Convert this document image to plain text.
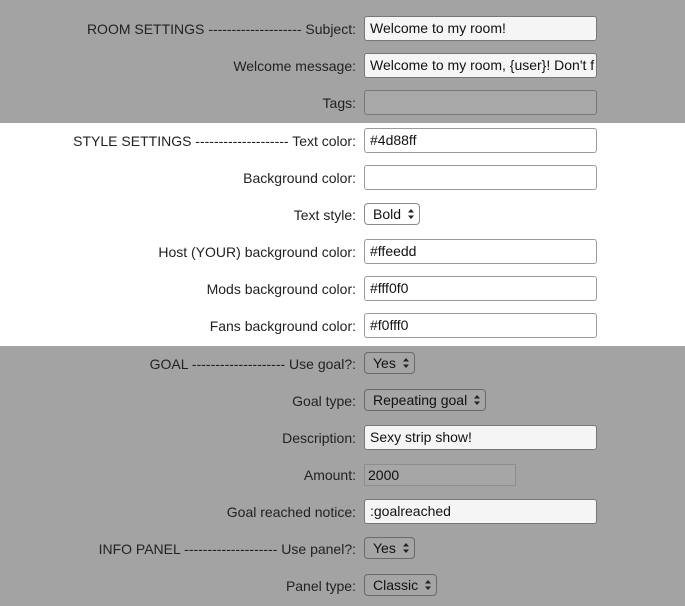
ROOM SETTINGS -------------------- Subject:	Welcome to my room!
Welcome message:	Welcome to my room, {user}! Don't f
Tags:
STYLE SETTINGS -------------------- Text color:	#4d88ff
Background color:
Text style:	Bold
Host (YOUR) background color:	#ffeedd
Mods background color:	#fff0f0
Fans background color:	#f0fff0
GOAL -------------------- Use goal?:	Yes
Goal type:	Repeating goal
Description:	Sexy strip show!
Amount: 2000
Goal reached notice:	:goalreached
INFO PANEL -------------------- Use panel?:	Yes
Panel type:	Classic
